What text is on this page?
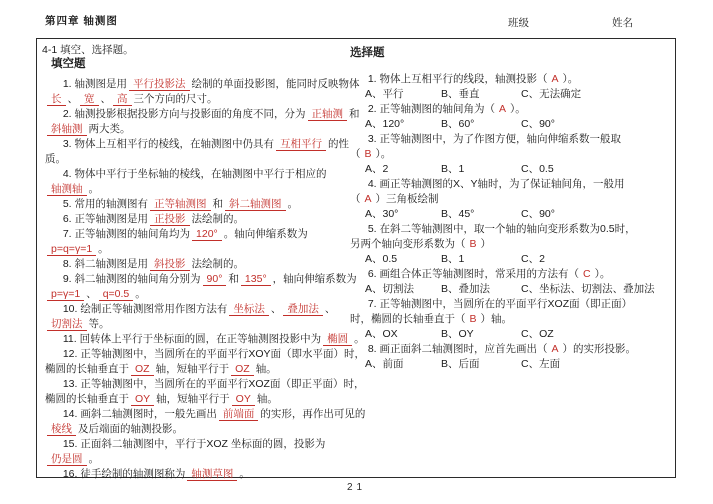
第四章 轴测图	班级	姓名
4-1 填空、选择题。
填空题
1. 轴测图是用 平行投影法 绘制的单面投影图，能同时反映物体长 、 宽 、 高 三个方向的尺寸。
2. 轴测投影根据投影方向与投影面的角度不同，分为 正轴测 和斜轴测 两大类。
3. 物体上互相平行的棱线，在轴测图中仍具有 互相平行 的性质。
4. 物体中平行于坐标轴的棱线，在轴测图中平行于相应的轴测轴 。
5. 常用的轴测图有 正等轴测图 和 斜二轴测图 。
6. 正等轴测图是用 正投影 法绘制的。
7. 正等轴测图的轴间角均为 120° 。轴向伸缩系数为p=q=γ=1 。
8. 斜二轴测图是用 斜投影 法绘制的。
9. 斜二轴测图的轴间角分别为 90° 和 135° ，轴向伸缩系数为p=γ=1 、 q=0.5 。
10. 绘制正等轴测图常用作图方法有 坐标法 、 叠加法 、切割法 等。
11. 回转体上平行于坐标面的圆，在正等轴测图投影中为 椭圆 。
12. 正等轴测图中，当圆所在的平面平行XOY面（即水平面）时，椭圆的长轴垂直于 OZ 轴，短轴平行于 OZ 轴。
13. 正等轴测图中，当圆所在的平面平行XOZ面（即正平面）时，椭圆的长轴垂直于 OY 轴，短轴平行于 OY 轴。
14. 画斜二轴测图时，一般先画出 前端面 的实形，再作出可见的棱线 及后端面的轴测投影。
15. 正面斜二轴测图中，平行于XOZ 坐标面的圆，投影为仍是圆 。
16. 徒手绘制的轴测图称为 轴测草图 。
选择题
1. 物体上互相平行的线段，轴测投影（ A ）。
A、平行	B、垂直	C、无法确定
2. 正等轴测图的轴间角为（ A ）。
A、120°	B、60°	C、90°
3. 正等轴测图中，为了作图方便，轴向伸缩系数一般取（ B ）。
A、2	B、1	C、0.5
4. 画正等轴测图的X、Y轴时，为了保证轴间角，一般用（ A ）三角板绘制
A、30°	B、45°	C、90°
5. 在斜二等轴测图中，取一个轴的轴向变形系数为0.5时，另两个轴向变形系数为（ B ）
A、0.5	B、1	C、2
6. 画组合体正等轴测图时，常采用的方法有（ C ）。
A、切割法	B、叠加法	C、坐标法、切割法、叠加法
7. 正等轴测图中，当圆所在的平面平行XOZ面（即正面）时，椭圆的长轴垂直于（ B ）轴。
A、OX	B、OY	C、OZ
8. 画正面斜二轴测图时，应首先画出（ A ）的实形投影。
A、前面	B、后面	C、左面
21
